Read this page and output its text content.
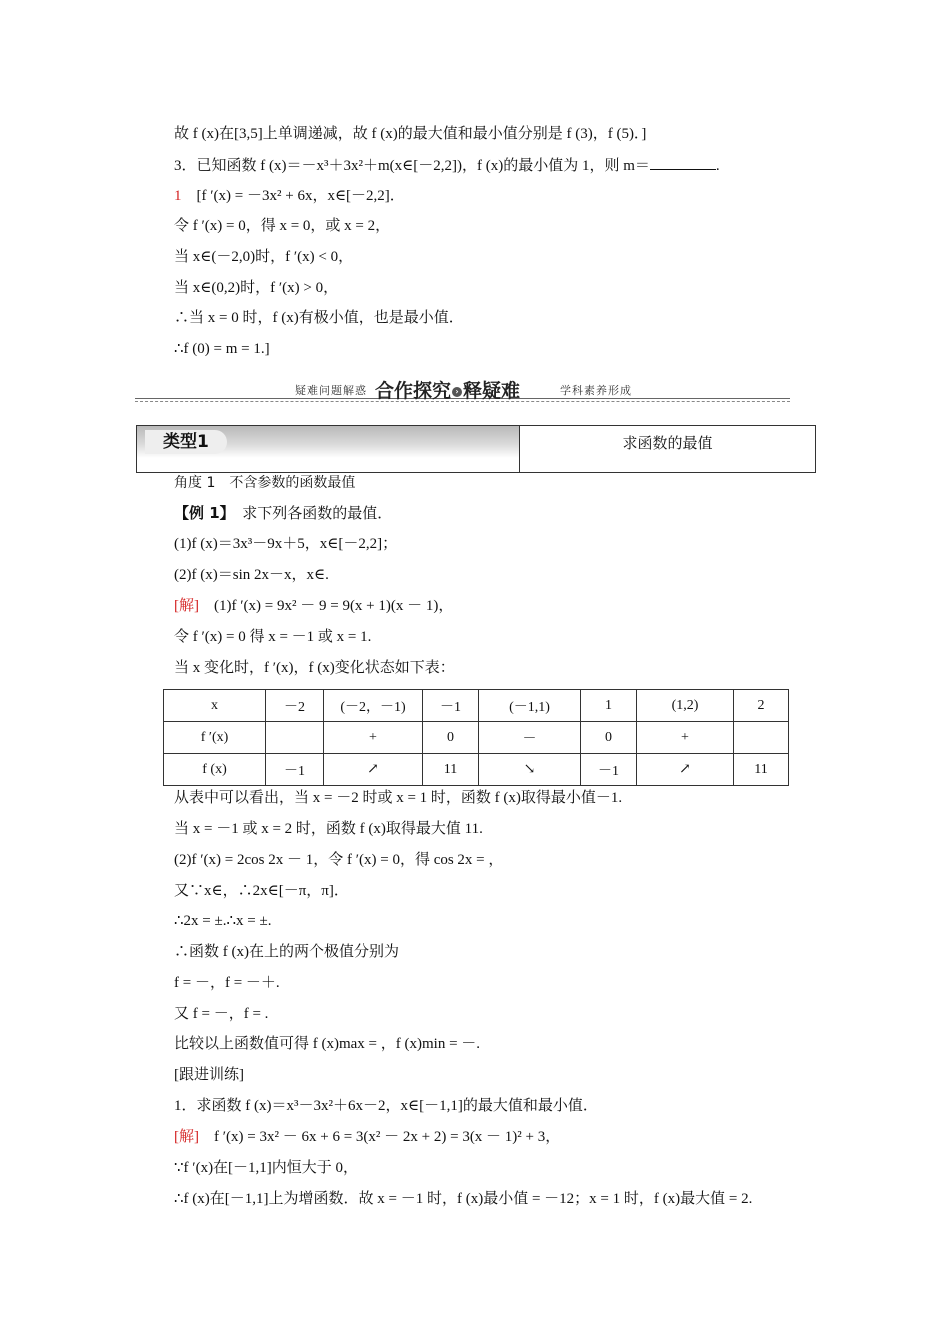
故 f (x)在[3,5]上单调递减，故 f (x)的最大值和最小值分别是 f (3)，f (5)．]
3．已知函数 f (x)＝－x³＋3x²＋m(x∈[－2,2])，f (x)的最小值为 1，则 m＝	.
1　 [f ′(x) = －3x² + 6x，x∈[－2,2]．
令 f ′(x) = 0，得 x = 0，或 x = 2，
当 x∈(－2,0)时，f ′(x) < 0，
当 x∈(0,2)时，f ′(x) > 0，
∴当 x = 0 时，f (x)有极小值，也是最小值．
∴f (0) = m = 1.]
疑难问题解惑 合作探究 › 释疑难	学科素养形成
类型1	求函数的最值
角度 1　不含参数的函数最值
【例 1】　 求下列各函数的最值．
(1)f (x)＝3x³－9x＋5，x∈[－2,2]；
(2)f (x)＝sin 2x－x，x∈.
[解]　 (1)f ′(x) = 9x² － 9 = 9(x + 1)(x － 1)，
令 f ′(x) = 0 得 x = －1 或 x = 1.
当 x 变化时，f ′(x)，f (x)变化状态如下表：
x	－2	(－2，－1)	－1	(－1,1)	1	(1,2)	2
f ′(x)		+	0	－	0	+	
f (x)	－1	↗	11	↘	－1	↗	11
从表中可以看出，当 x = －2 时或 x = 1 时，函数 f (x)取得最小值－1.
当 x = －1 或 x = 2 时，函数 f (x)取得最大值 11.
(2)f ′(x) = 2cos 2x － 1，令 f ′(x) = 0，得 cos 2x = ，
又∵x∈，∴2x∈[－π，π]．
∴2x = ±.∴x = ±.
∴函数 f (x)在上的两个极值分别为
f = －，f = －＋.
又 f = －，f = .
比较以上函数值可得 f (x)max = ，f (x)min = －.
[跟进训练]
1．求函数 f (x)＝x³－3x²＋6x－2，x∈[－1,1]的最大值和最小值．
[解]　 f ′(x) = 3x² － 6x + 6 = 3(x² － 2x + 2) = 3(x － 1)² + 3，
∵f ′(x)在[－1,1]内恒大于 0，
∴f (x)在[－1,1]上为增函数．故 x = －1 时，f (x)最小值 = －12；x = 1 时，f (x)最大值 = 2.
